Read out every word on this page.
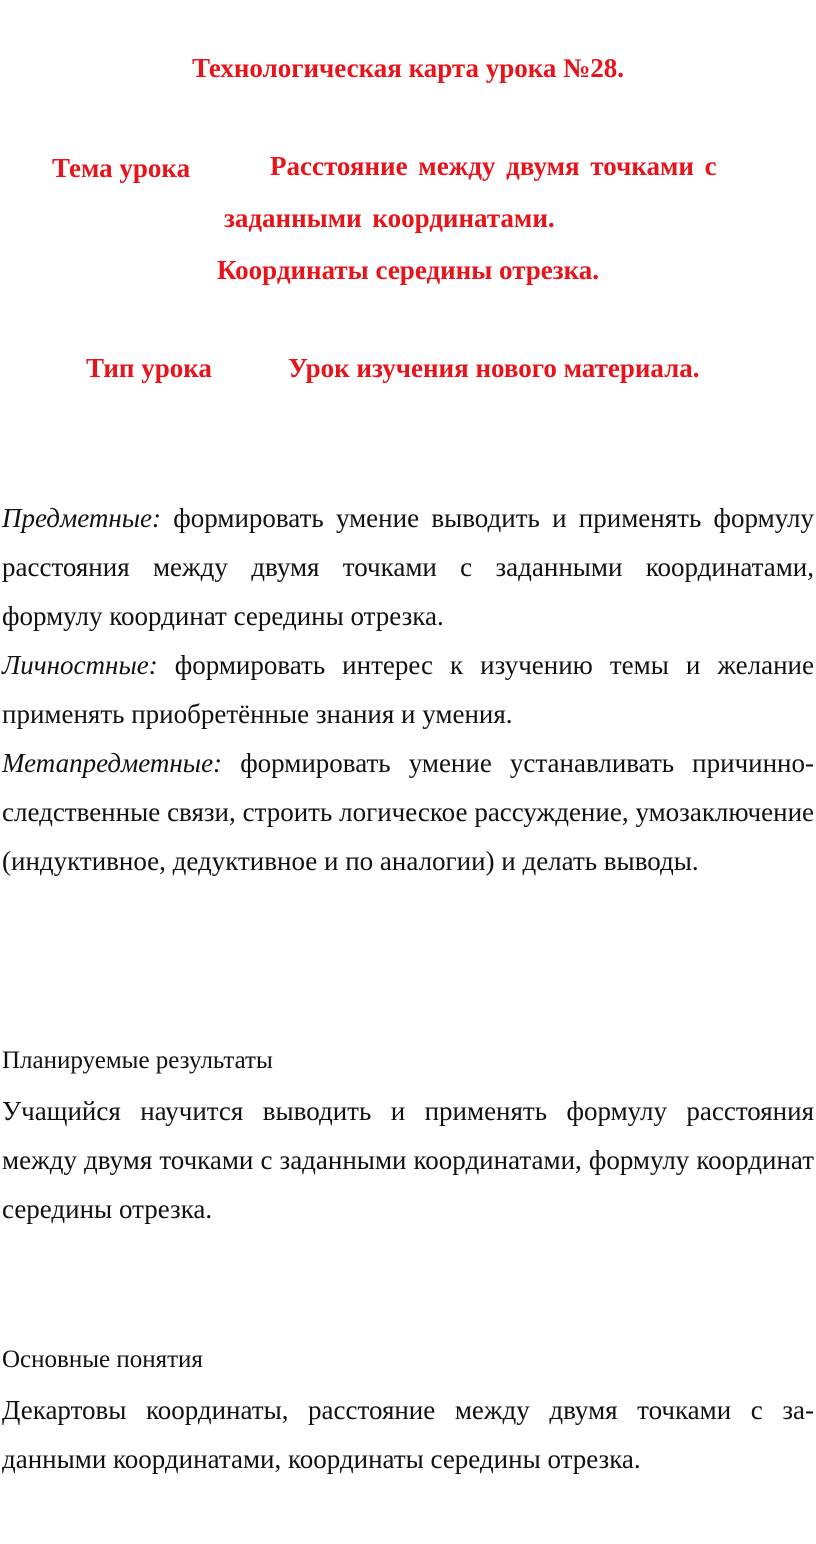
Технологическая карта урока №28.
Тема урока	Расстояние между двумя точками с
заданными координатами.
Координаты середины отрезка.
Тип урока	Урок изучения нового материала.

Предметные: формировать умение выводить и применять формулу расстояния между двумя точками с заданными координатами, формулу координат середины отрезка.

Личностные: формировать интерес к изучению темы и желание применять приобретённые знания и умения.

Метапредметные: формировать умение устанавливать причинно-следственные связи, строить логическое рассуждение, умозаключение (индуктивное, дедуктивное и по аналогии) и делать выводы.

Планируемые результаты
Учащийся научится выводить и применять формулу расстояния между двумя точками с заданными координатами, формулу координат середины отрезка.
Основные понятия
Декартовы координаты, расстояние между двумя точками с заданными координатами, координаты середины отрезка.
